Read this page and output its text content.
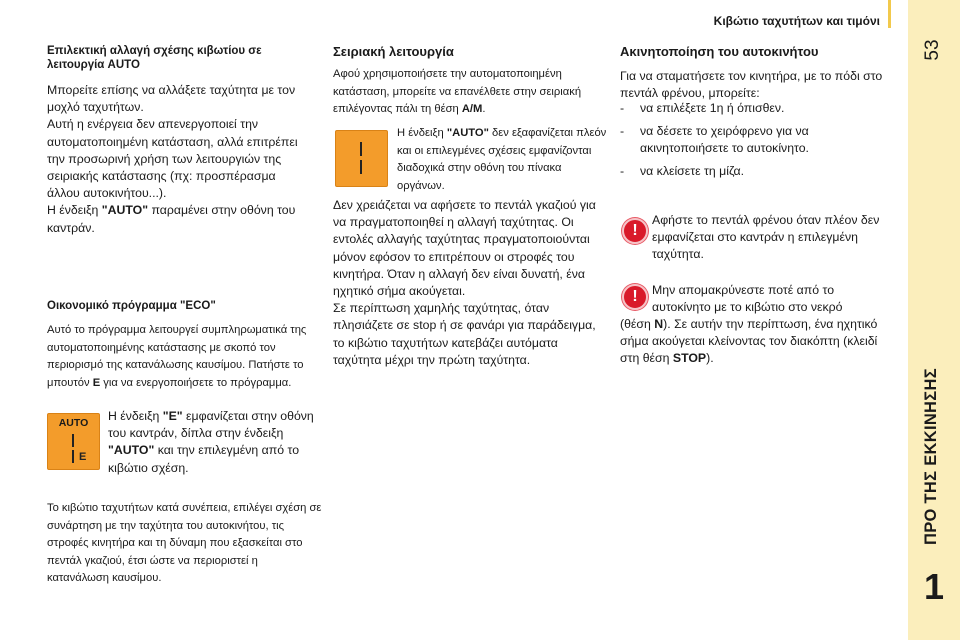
Κιβώτιο ταχυτήτων και τιμόνι
53
ΠΡΟ ΤΗΣ ΕΚΚΙΝΗΣΗΣ
1
Επιλεκτική αλλαγή σχέσης κιβωτίου σε λειτουργία AUTO
Μπορείτε επίσης να αλλάξετε ταχύτητα με τον μοχλό ταχυτήτων.
Αυτή η ενέργεια δεν απενεργοποιεί την αυτοματοποιημένη κατάσταση, αλλά επιτρέπει την προσωρινή χρήση των λειτουργιών της σειριακής κατάστασης (πχ: προσπέρασμα άλλου αυτοκινήτου...).
Η ένδειξη "AUTO" παραμένει στην οθόνη του καντράν.
Οικονομικό πρόγραμμα "ECO"
Αυτό το πρόγραμμα λειτουργεί συμπληρωματικά της αυτοματοποιημένης κατάστασης με σκοπό τον περιορισμό της κατανάλωσης καυσίμου. Πατήστε το μπουτόν E για να ενεργοποιήσετε το πρόγραμμα.
AUTO
E
Η ένδειξη "E" εμφανίζεται στην οθόνη του καντράν, δίπλα στην ένδειξη "AUTO" και την επιλεγμένη από το κιβώτιο σχέση.
Το κιβώτιο ταχυτήτων κατά συνέπεια, επιλέγει σχέση σε συνάρτηση με την ταχύτητα του αυτοκινήτου, τις στροφές κινητήρα και τη δύναμη που εξασκείται στο πεντάλ γκαζιού, έτσι ώστε να περιοριστεί η κατανάλωση καυσίμου.
Σειριακή λειτουργία
Αφού χρησιμοποιήσετε την αυτοματοποιημένη κατάσταση, μπορείτε να επανέλθετε στην σειριακή επιλέγοντας πάλι τη θέση A/M.
Η ένδειξη "AUTO" δεν εξαφανίζεται πλεόν και οι επιλεγμένες σχέσεις εμφανίζονται διαδοχικά στην οθόνη του πίνακα οργάνων.
Δεν χρειάζεται να αφήσετε το πεντάλ γκαζιού για να πραγματοποιηθεί η αλλαγή ταχύτητας. Οι εντολές αλλαγής ταχύτητας πραγματοποιούνται μόνον εφόσον το επιτρέπουν οι στροφές του κινητήρα. Όταν η αλλαγή δεν είναι δυνατή, ένα ηχητικό σήμα ακούγεται.
Σε περίπτωση χαμηλής ταχύτητας, όταν πλησιάζετε σε stop ή σε φανάρι για παράδειγμα, το κιβώτιο ταχυτήτων κατεβάζει αυτόματα ταχύτητα μέχρι την πρώτη ταχύτητα.
Ακινητοποίηση του αυτοκινήτου
Για να σταματήσετε τον κινητήρα, με το πόδι στο πεντάλ φρένου, μπορείτε:
- να επιλέξετε 1η ή όπισθεν.
- να δέσετε το χειρόφρενο για να ακινητοποιήσετε το αυτοκίνητο.
- να κλείσετε τη μίζα.
!
Αφήστε το πεντάλ φρένου όταν πλέον δεν εμφανίζεται στο καντράν η επιλεγμένη ταχύτητα.
!	Μην απομακρύνεστε ποτέ από το αυτοκίνητο με το κιβώτιο στο νεκρό
(θέση N). Σε αυτήν την περίπτωση, ένα ηχητικό σήμα ακούγεται κλείνοντας τον διακόπτη (κλειδί στη θέση STOP).
